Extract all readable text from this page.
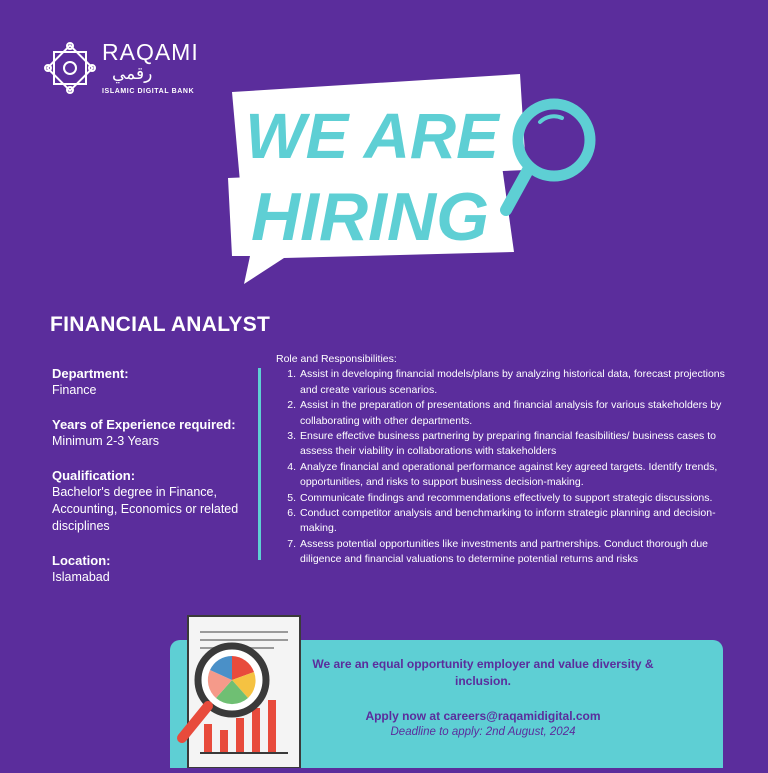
RAQAMI
رقمي
ISLAMIC DIGITAL BANK
WE ARE
HIRING
FINANCIAL ANALYST
Department:
Finance
Years of Experience required:
Minimum 2-3 Years
Qualification:
Bachelor's degree in Finance, Accounting, Economics or related disciplines
Location:
Islamabad
Role and Responsibilities:
1. Assist in developing financial models/plans by analyzing historical data, forecast projections and create various scenarios.
2. Assist in the preparation of presentations and financial analysis for various stakeholders by collaborating with other departments.
3. Ensure effective business partnering by preparing financial feasibilities/ business cases to assess their viability in collaborations with stakeholders
4. Analyze financial and operational performance against key agreed targets. Identify trends, opportunities, and risks to support business decision-making.
5. Communicate findings and recommendations effectively to support strategic discussions.
6. Conduct competitor analysis and benchmarking to inform strategic planning and decision-making.
7. Assess potential opportunities like investments and partnerships. Conduct thorough due diligence and financial valuations to determine potential returns and risks
We are an equal opportunity employer and value diversity & inclusion.
Apply now at careers@raqamidigital.com
Deadline to apply: 2nd August, 2024
